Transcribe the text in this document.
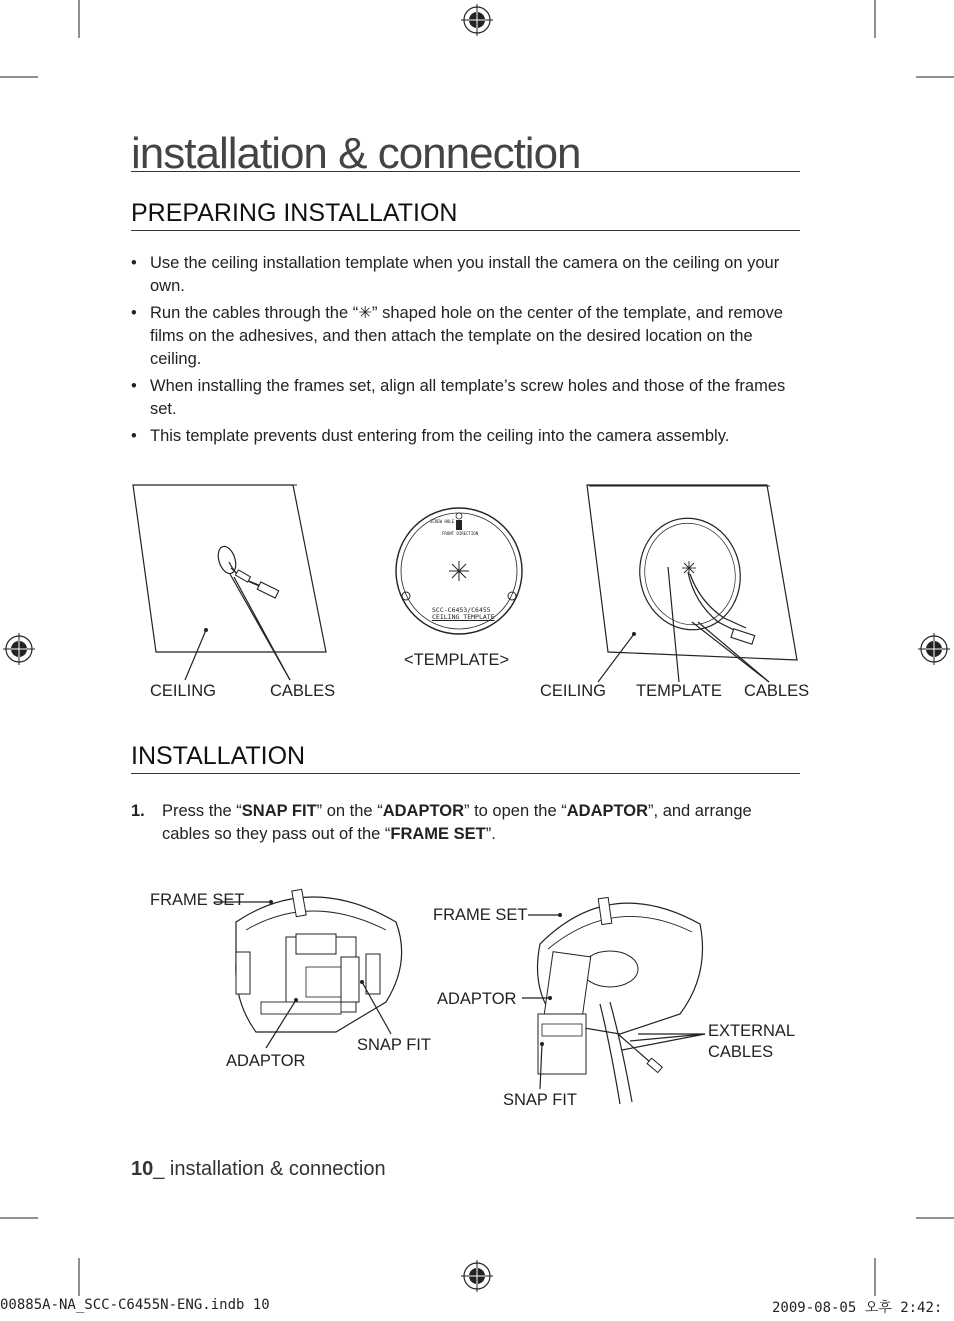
installation & connection
PREPARING INSTALLATION
• Use the ceiling installation template when you install the camera on the ceiling on your own.
• Run the cables through the “✳” shaped hole on the center of the template, and remove films on the adhesives, and then attach the template on the desired location on the ceiling.
• When installing the frames set, align all template’s screw holes and those of the frames set.
• This template prevents dust entering from the ceiling into the camera assembly.
CEILING	CABLES
SCREW HOLE
FRONT DIRECTION
SCC-C6453/C6455
CEILING TEMPLATE
<TEMPLATE>
CEILING TEMPLATE CABLES
INSTALLATION
1. Press the “SNAP FIT” on the “ADAPTOR” to open the “ADAPTOR”, and arrange cables so they pass out of the “FRAME SET”.
FRAME SET
ADAPTOR
SNAP FIT
FRAME SET
ADAPTOR
EXTERNAL
CABLES
SNAP FIT
10_ installation & connection
00885A-NA_SCC-C6455N-ENG.indb 10	2009-08-05 오후 2:42:
